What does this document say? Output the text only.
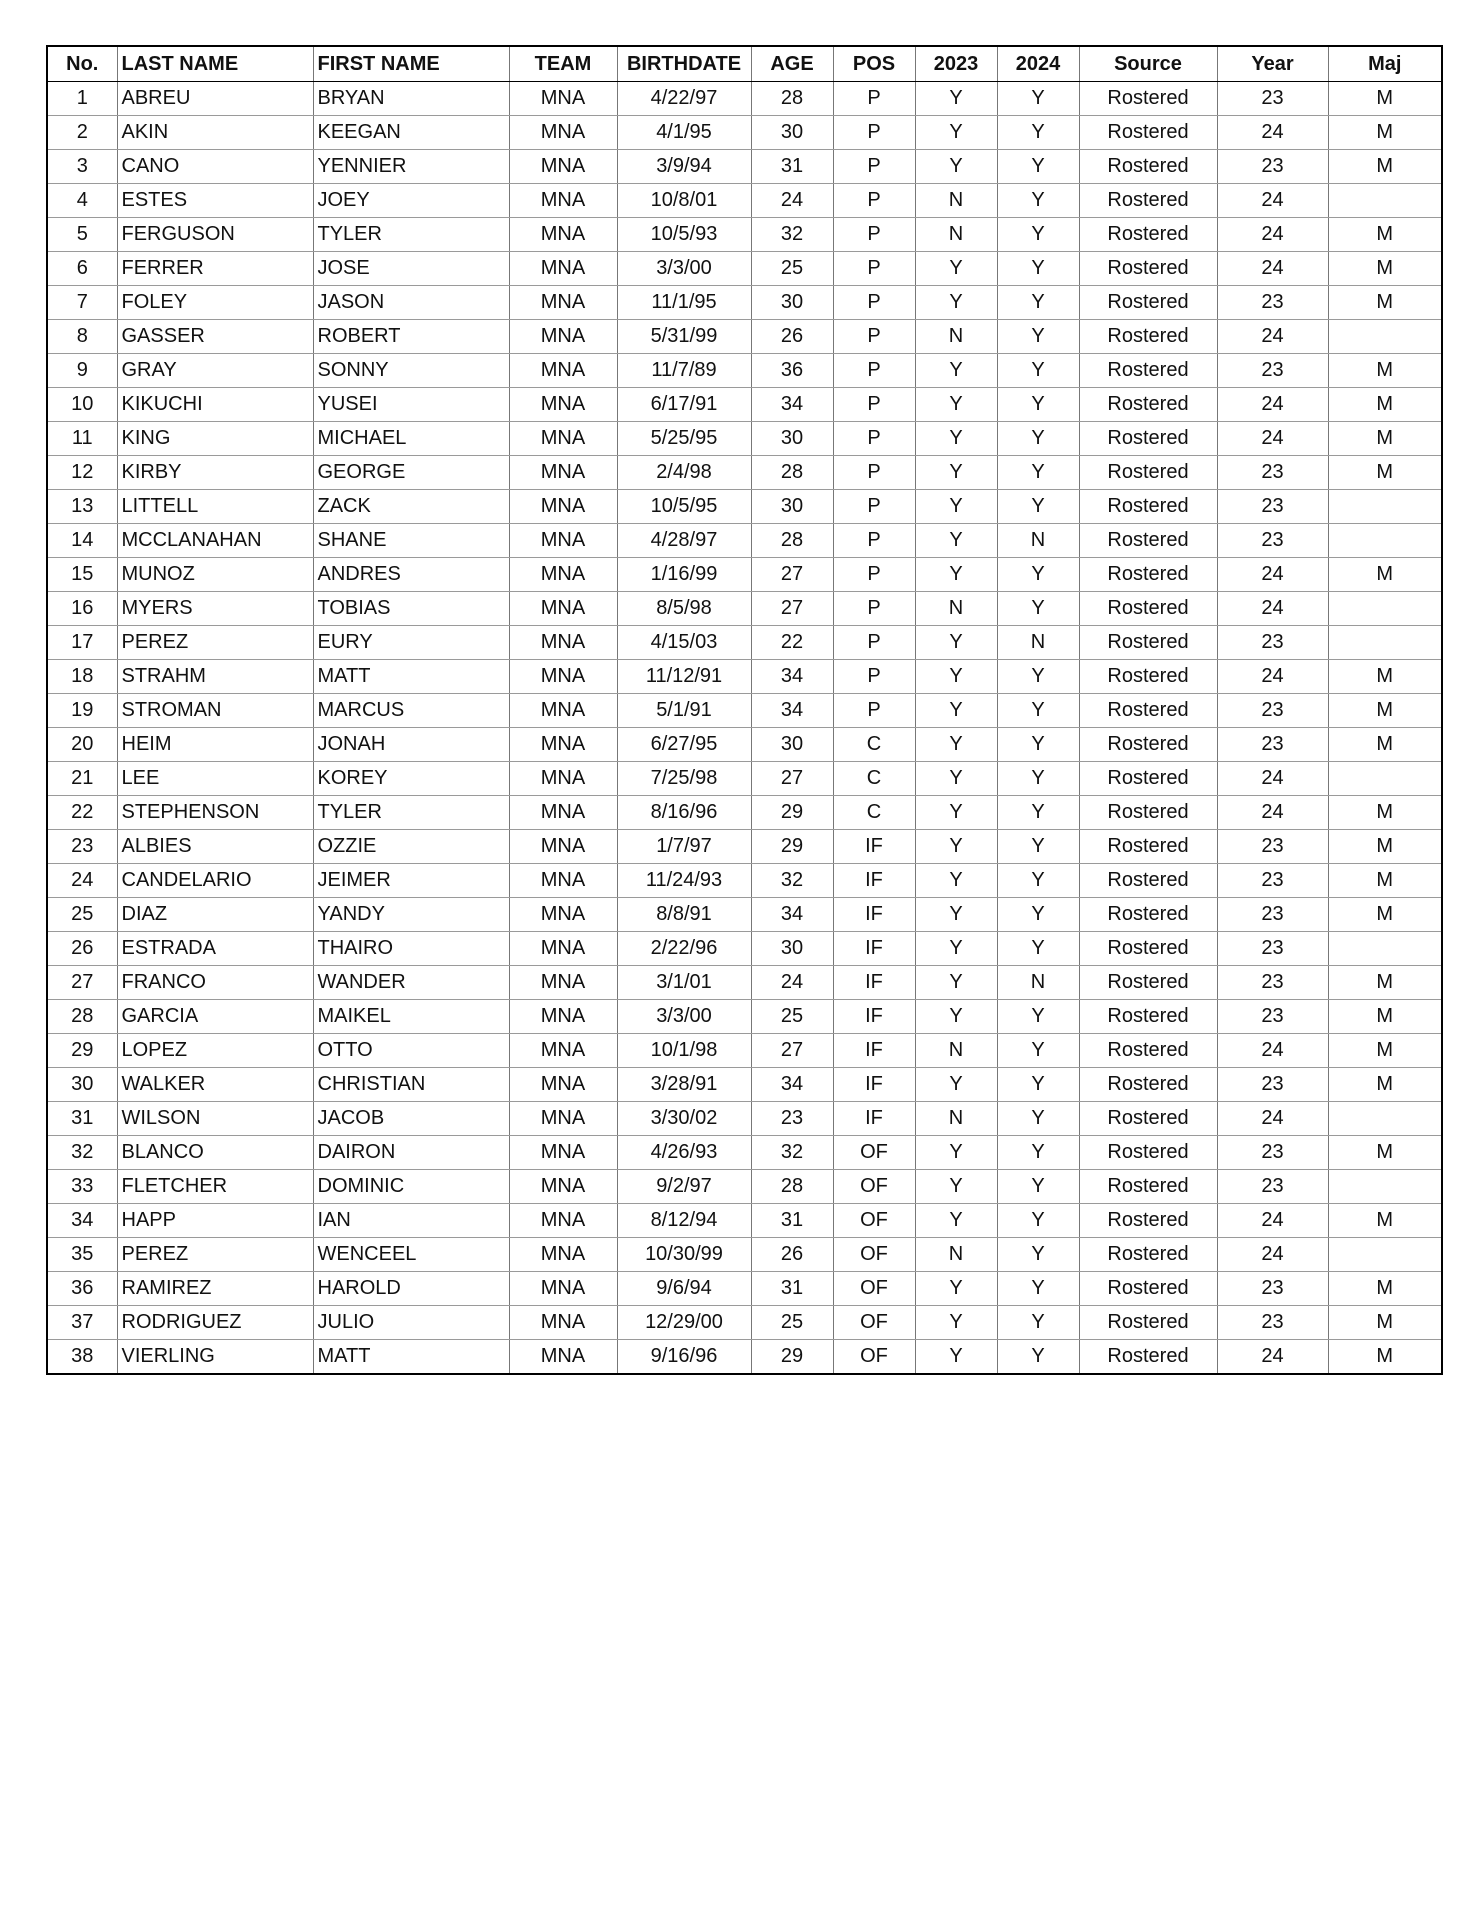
No.	LAST NAME	FIRST NAME	TEAM	BIRTHDATE	AGE	POS	2023	2024	Source	Year	Maj
1	ABREU	BRYAN	MNA	4/22/97	28	P	Y	Y	Rostered	23	M
2	AKIN	KEEGAN	MNA	4/1/95	30	P	Y	Y	Rostered	24	M
3	CANO	YENNIER	MNA	3/9/94	31	P	Y	Y	Rostered	23	M
4	ESTES	JOEY	MNA	10/8/01	24	P	N	Y	Rostered	24	
5	FERGUSON	TYLER	MNA	10/5/93	32	P	N	Y	Rostered	24	M
6	FERRER	JOSE	MNA	3/3/00	25	P	Y	Y	Rostered	24	M
7	FOLEY	JASON	MNA	11/1/95	30	P	Y	Y	Rostered	23	M
8	GASSER	ROBERT	MNA	5/31/99	26	P	N	Y	Rostered	24	
9	GRAY	SONNY	MNA	11/7/89	36	P	Y	Y	Rostered	23	M
10	KIKUCHI	YUSEI	MNA	6/17/91	34	P	Y	Y	Rostered	24	M
11	KING	MICHAEL	MNA	5/25/95	30	P	Y	Y	Rostered	24	M
12	KIRBY	GEORGE	MNA	2/4/98	28	P	Y	Y	Rostered	23	M
13	LITTELL	ZACK	MNA	10/5/95	30	P	Y	Y	Rostered	23	
14	MCCLANAHAN	SHANE	MNA	4/28/97	28	P	Y	N	Rostered	23	
15	MUNOZ	ANDRES	MNA	1/16/99	27	P	Y	Y	Rostered	24	M
16	MYERS	TOBIAS	MNA	8/5/98	27	P	N	Y	Rostered	24	
17	PEREZ	EURY	MNA	4/15/03	22	P	Y	N	Rostered	23	
18	STRAHM	MATT	MNA	11/12/91	34	P	Y	Y	Rostered	24	M
19	STROMAN	MARCUS	MNA	5/1/91	34	P	Y	Y	Rostered	23	M
20	HEIM	JONAH	MNA	6/27/95	30	C	Y	Y	Rostered	23	M
21	LEE	KOREY	MNA	7/25/98	27	C	Y	Y	Rostered	24	
22	STEPHENSON	TYLER	MNA	8/16/96	29	C	Y	Y	Rostered	24	M
23	ALBIES	OZZIE	MNA	1/7/97	29	IF	Y	Y	Rostered	23	M
24	CANDELARIO	JEIMER	MNA	11/24/93	32	IF	Y	Y	Rostered	23	M
25	DIAZ	YANDY	MNA	8/8/91	34	IF	Y	Y	Rostered	23	M
26	ESTRADA	THAIRO	MNA	2/22/96	30	IF	Y	Y	Rostered	23	
27	FRANCO	WANDER	MNA	3/1/01	24	IF	Y	N	Rostered	23	M
28	GARCIA	MAIKEL	MNA	3/3/00	25	IF	Y	Y	Rostered	23	M
29	LOPEZ	OTTO	MNA	10/1/98	27	IF	N	Y	Rostered	24	M
30	WALKER	CHRISTIAN	MNA	3/28/91	34	IF	Y	Y	Rostered	23	M
31	WILSON	JACOB	MNA	3/30/02	23	IF	N	Y	Rostered	24	
32	BLANCO	DAIRON	MNA	4/26/93	32	OF	Y	Y	Rostered	23	M
33	FLETCHER	DOMINIC	MNA	9/2/97	28	OF	Y	Y	Rostered	23	
34	HAPP	IAN	MNA	8/12/94	31	OF	Y	Y	Rostered	24	M
35	PEREZ	WENCEEL	MNA	10/30/99	26	OF	N	Y	Rostered	24	
36	RAMIREZ	HAROLD	MNA	9/6/94	31	OF	Y	Y	Rostered	23	M
37	RODRIGUEZ	JULIO	MNA	12/29/00	25	OF	Y	Y	Rostered	23	M
38	VIERLING	MATT	MNA	9/16/96	29	OF	Y	Y	Rostered	24	M
